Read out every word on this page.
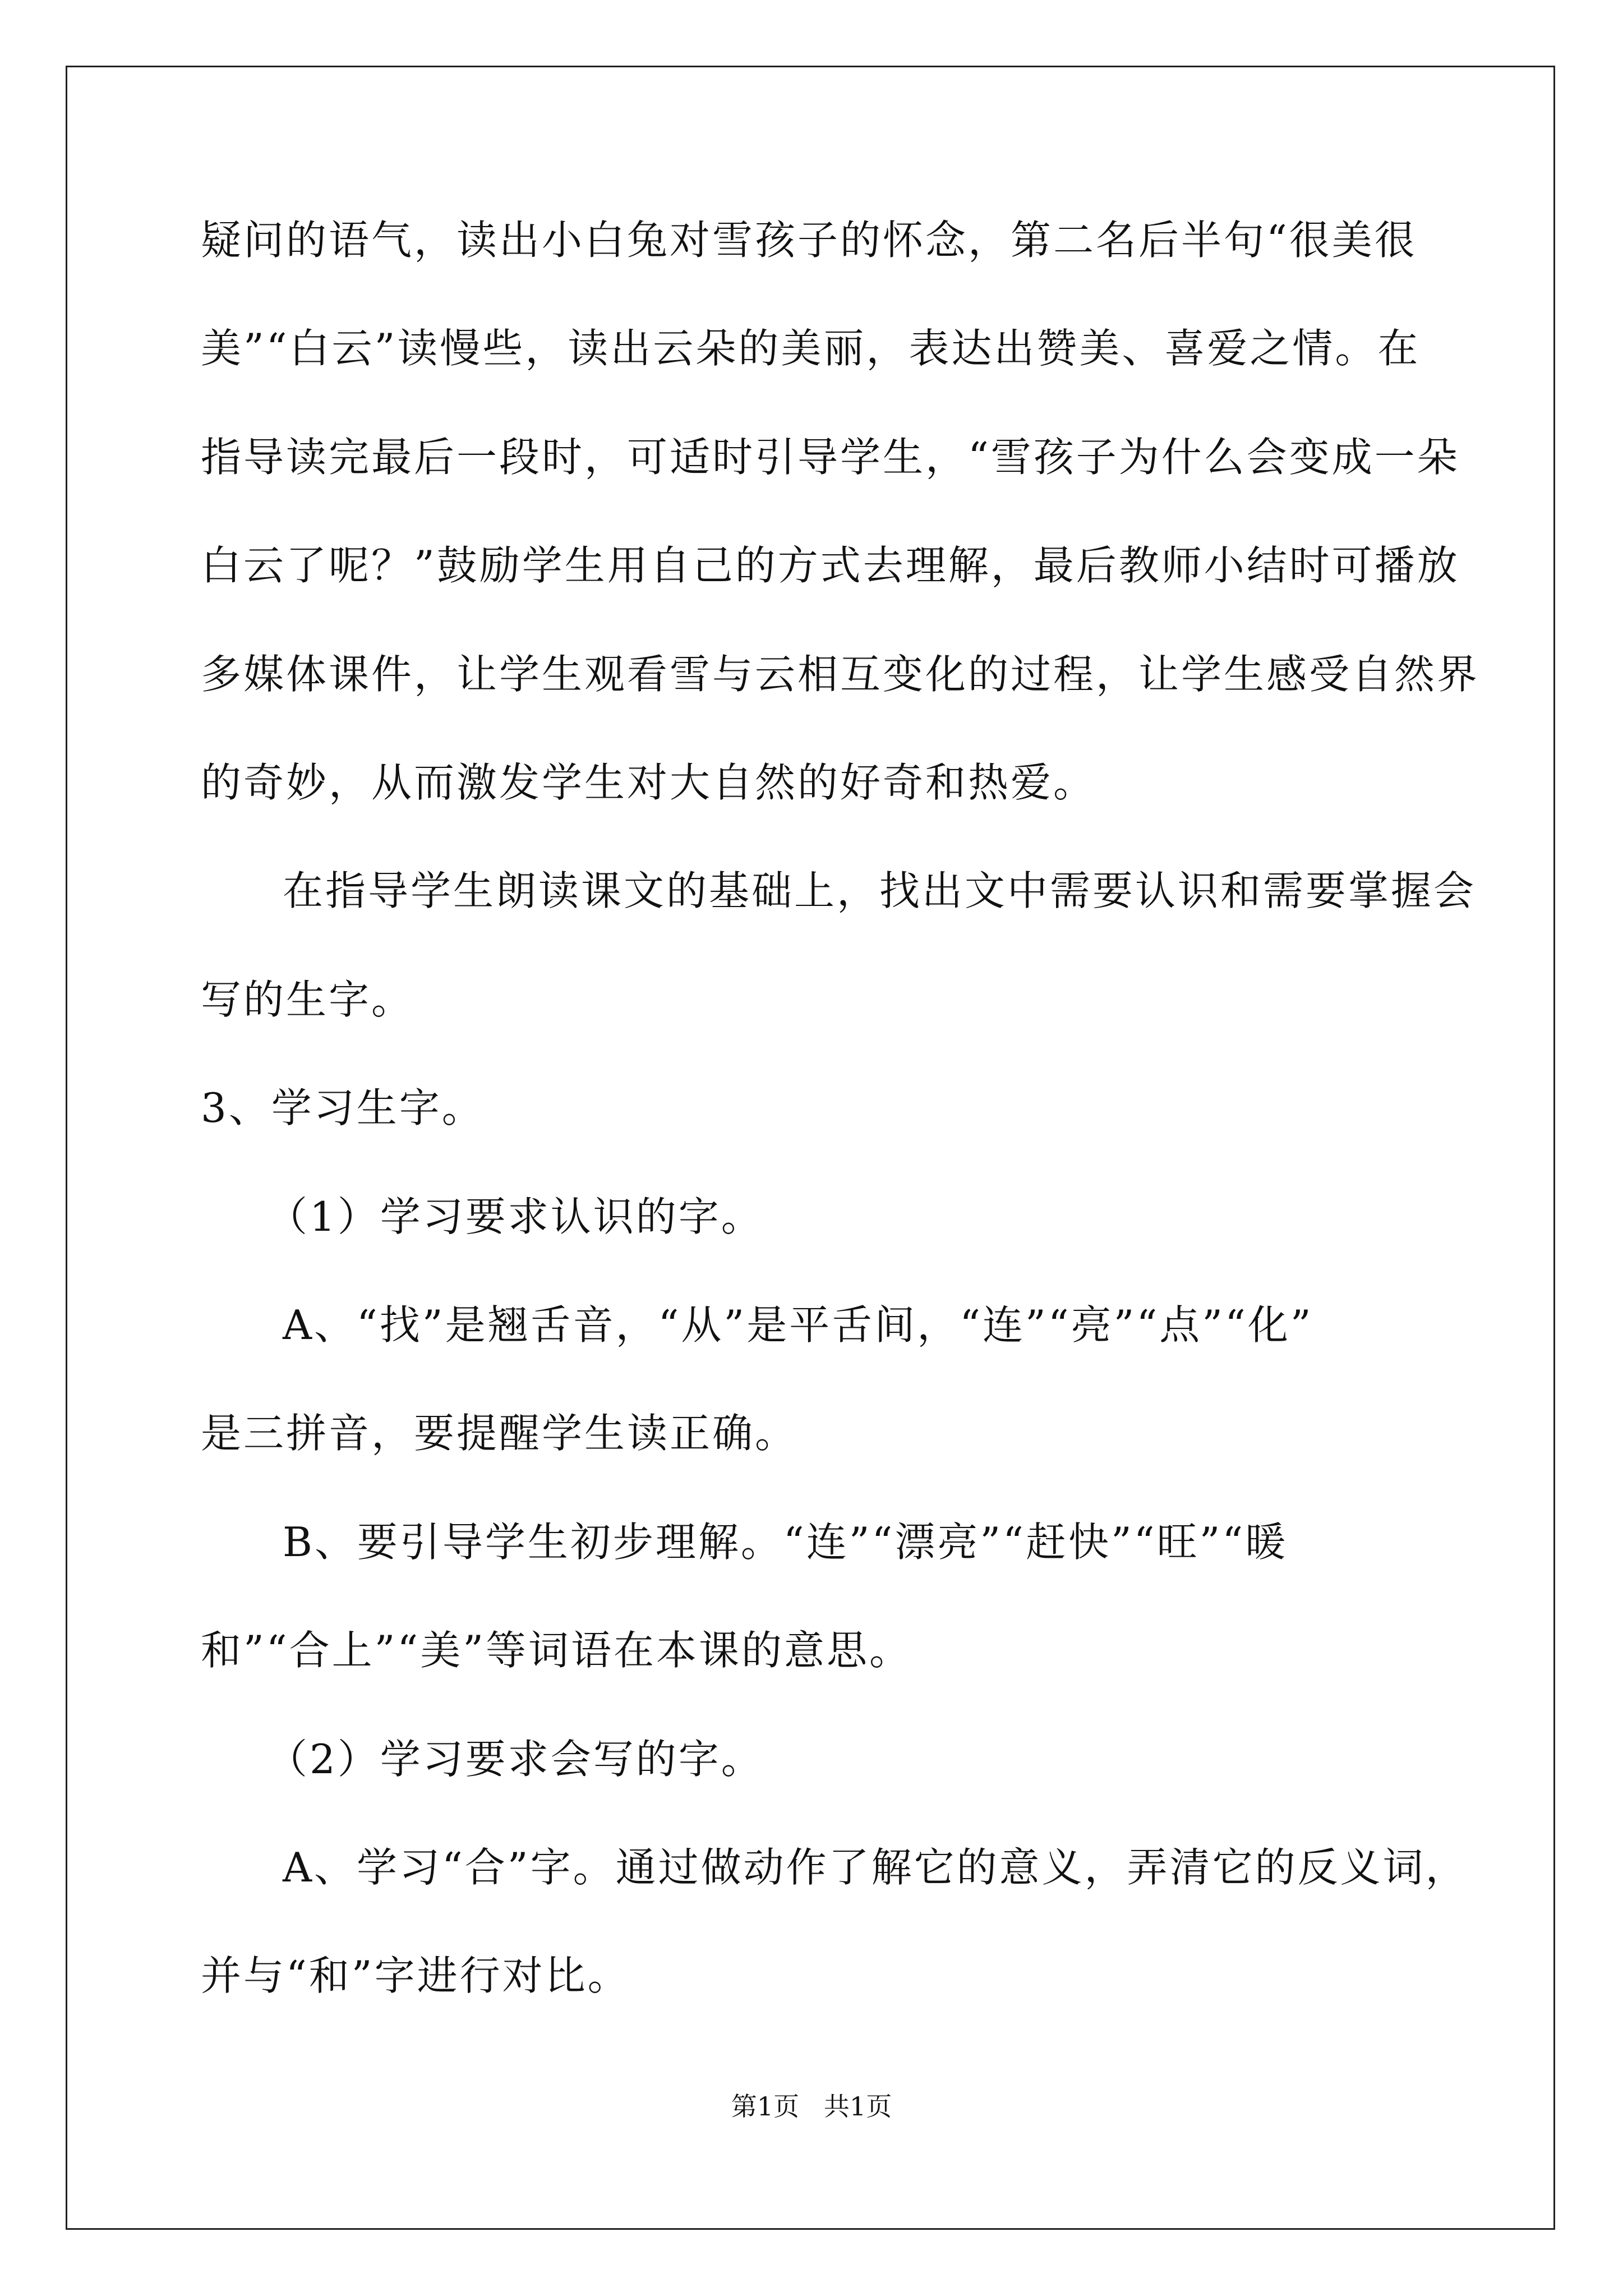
疑问的语气，读出小白兔对雪孩子的怀念，第二名后半句“很美很
美”“白云”读慢些，读出云朵的美丽，表达出赞美、喜爱之情。在
指导读完最后一段时，可适时引导学生，“雪孩子为什么会变成一朵
白云了呢？”鼓励学生用自己的方式去理解，最后教师小结时可播放
多媒体课件，让学生观看雪与云相互变化的过程，让学生感受自然界
的奇妙，从而激发学生对大自然的好奇和热爱。
在指导学生朗读课文的基础上，找出文中需要认识和需要掌握会
写的生字。
3、学习生字。
（1）学习要求认识的字。
A、“找”是翘舌音，“从”是平舌间，“连”“亮”“点”“化”
是三拼音，要提醒学生读正确。
B、要引导学生初步理解。“连”“漂亮”“赶快”“旺”“暖
和”“合上”“美”等词语在本课的意思。
（2）学习要求会写的字。
A、学习“合”字。通过做动作了解它的意义，弄清它的反义词，
并与“和”字进行对比。
第1页   共1页
